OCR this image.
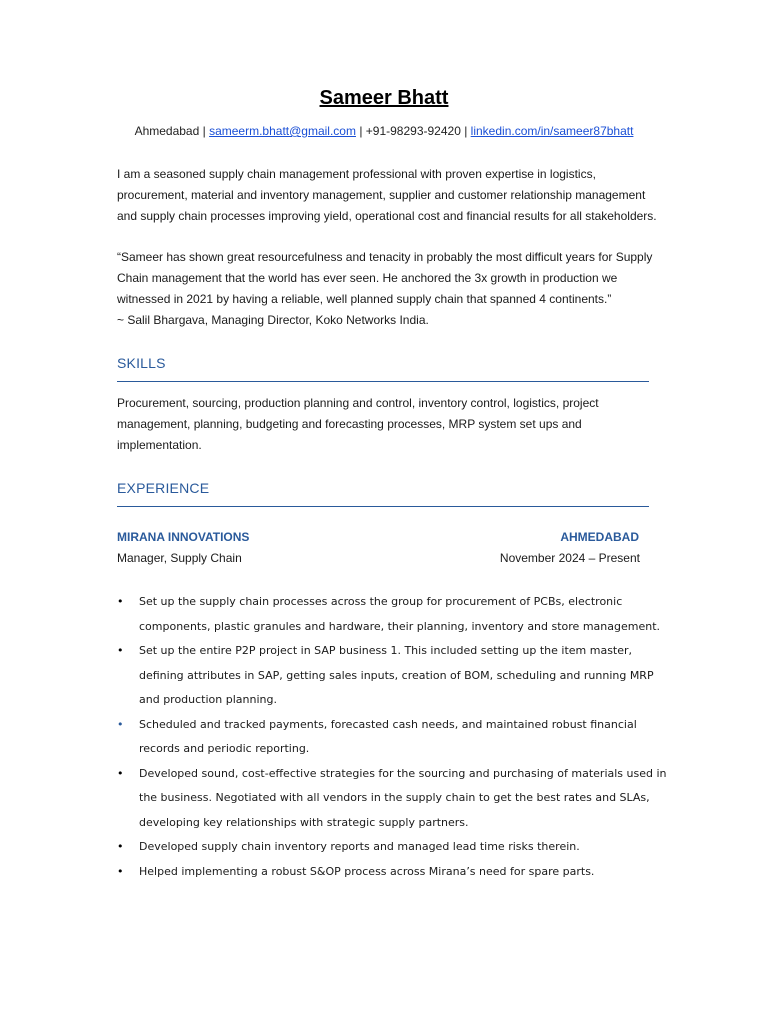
Sameer Bhatt
Ahmedabad | sameerm.bhatt@gmail.com | +91-98293-92420 | linkedin.com/in/sameer87bhatt
I am a seasoned supply chain management professional with proven expertise in logistics,
procurement, material and inventory management, supplier and customer relationship management
and supply chain processes improving yield, operational cost and financial results for all stakeholders.
“Sameer has shown great resourcefulness and tenacity in probably the most difficult years for Supply
Chain management that the world has ever seen. He anchored the 3x growth in production we
witnessed in 2021 by having a reliable, well planned supply chain that spanned 4 continents.”
~ Salil Bhargava, Managing Director, Koko Networks India.
SKILLS
Procurement, sourcing, production planning and control, inventory control, logistics, project
management, planning, budgeting and forecasting processes, MRP system set ups and
implementation.
EXPERIENCE
MIRANA INNOVATIONS	AHMEDABAD
Manager, Supply Chain	November 2024 – Present
•	Set up the supply chain processes across the group for procurement of PCBs, electronic
components, plastic granules and hardware, their planning, inventory and store management.
•	Set up the entire P2P project in SAP business 1. This included setting up the item master,
defining attributes in SAP, getting sales inputs, creation of BOM, scheduling and running MRP
and production planning.
•	Scheduled and tracked payments, forecasted cash needs, and maintained robust financial
records and periodic reporting.
•	Developed sound, cost-effective strategies for the sourcing and purchasing of materials used in
the business. Negotiated with all vendors in the supply chain to get the best rates and SLAs,
developing key relationships with strategic supply partners.
•	Developed supply chain inventory reports and managed lead time risks therein.
•	Helped implementing a robust S&OP process across Mirana’s need for spare parts.
